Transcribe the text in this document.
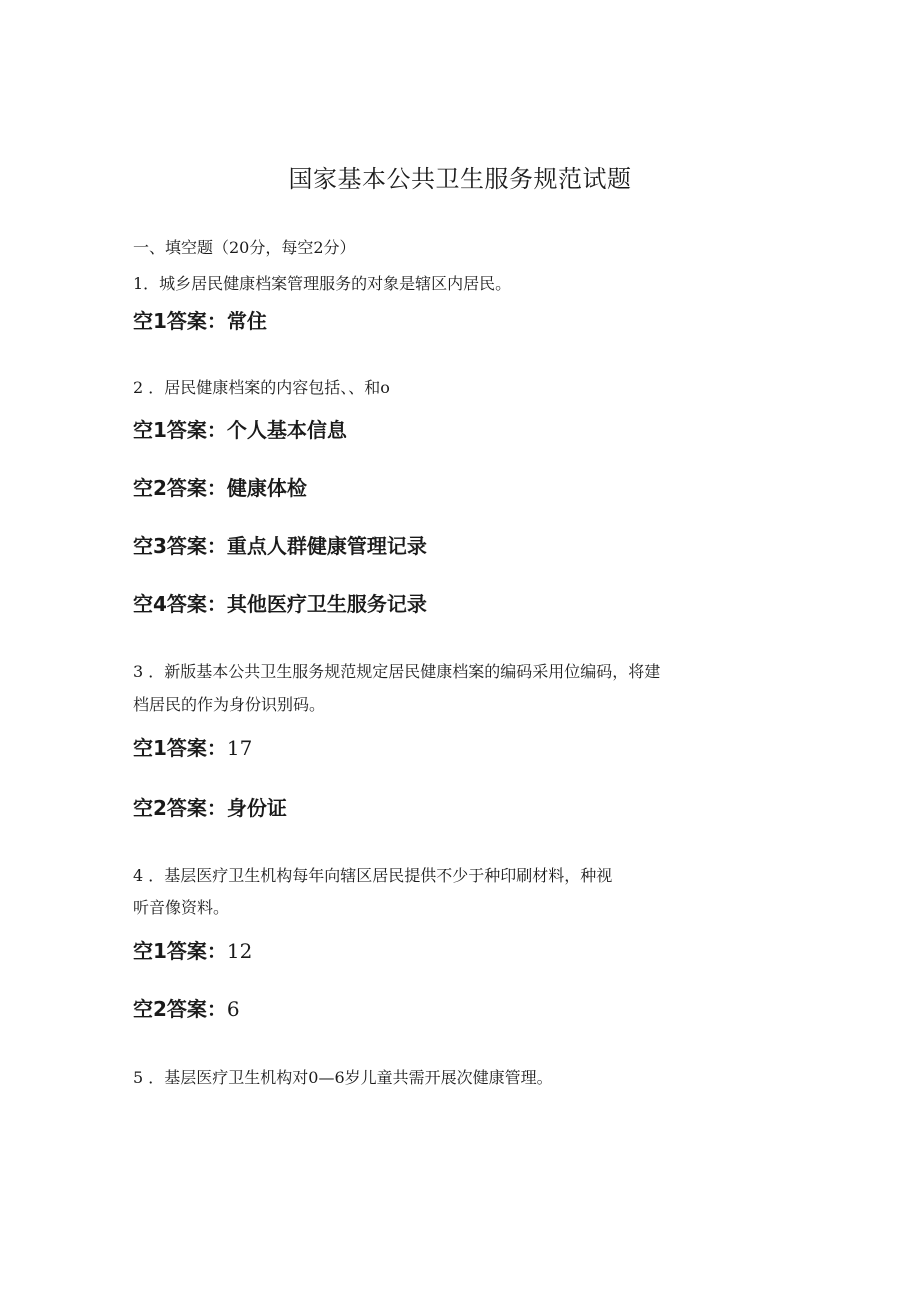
国家基本公共卫生服务规范试题
一、填空题（20分，每空2分）
1．城乡居民健康档案管理服务的对象是辖区内居民。
空1答案：常住
2 ．居民健康档案的内容包括、、和o
空1答案：个人基本信息
空2答案：健康体检
空3答案：重点人群健康管理记录
空4答案：其他医疗卫生服务记录
3 ．新版基本公共卫生服务规范规定居民健康档案的编码采用位编码，将建
档居民的作为身份识别码。
空1答案：17
空2答案：身份证
4 ．基层医疗卫生机构每年向辖区居民提供不少于种印刷材料，种视
听音像资料。
空1答案：12
空2答案：6
5 ．基层医疗卫生机构对0—6岁儿童共需开展次健康管理。
